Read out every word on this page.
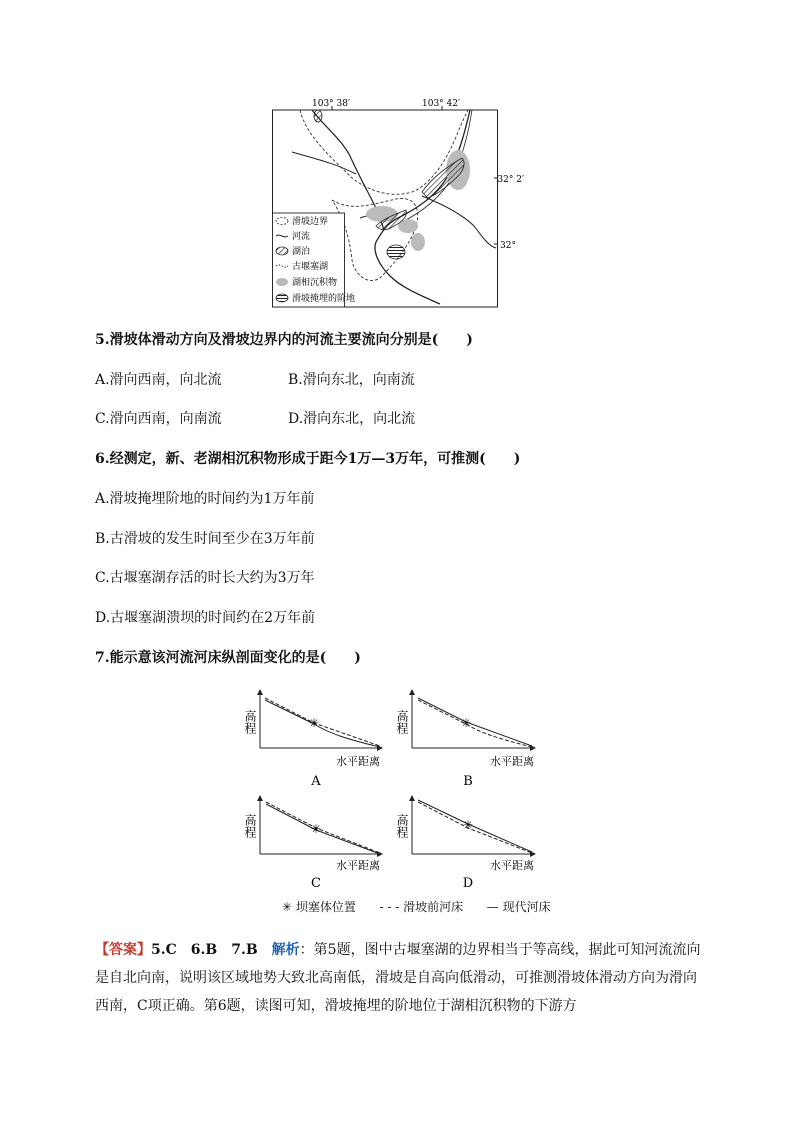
103° 38′	103° 42′
32° 2′
32°
滑坡边界
河流
湖泊
古堰塞湖
湖相沉积物
滑坡掩埋的阶地
5.滑坡体滑动方向及滑坡边界内的河流主要流向分别是(　　)
A.滑向西南，向北流	B.滑向东北，向南流
C.滑向西南，向南流	D.滑向东北，向北流
6.经测定，新、老湖相沉积物形成于距今1万—3万年，可推测(　　)
A.滑坡掩埋阶地的时间约为1万年前
B.古滑坡的发生时间至少在3万年前
C.古堰塞湖存活的时长大约为3万年
D.古堰塞湖溃坝的时间约在2万年前
7.能示意该河流河床纵剖面变化的是(　　)
✳
高程
水平距离
A
✳
高程
水平距离
B
✳
高程
水平距离
C
✳
高程
水平距离
D
✳ 坝塞体位置 - - - 滑坡前河床 — 现代河床
【答案】5.C　6.B　7.B　解析：第5题，图中古堰塞湖的边界相当于等高线，据此可知河流流向是自北向南，说明该区域地势大致北高南低，滑坡是自高向低滑动，可推测滑坡体滑动方向为滑向西南，C项正确。第6题，读图可知，滑坡掩埋的阶地位于湖相沉积物的下游方
